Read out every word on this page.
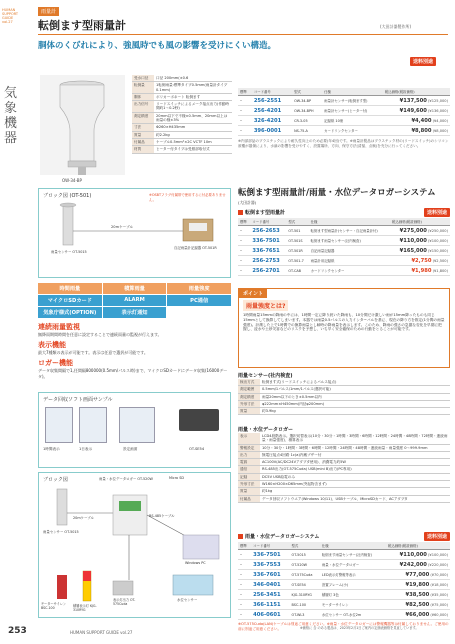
HUMAN SUPPORT GUIDE vol.27
気象機器
雨量計
転倒ます型雨量計	(大田計器製作所)
胴体のくびれにより、強風時でも風の影響を受けにくい構造。
送料別途
OW-34-BP
受水口径	口径 200mm(±0.6
転倒量	1転倒雨量:標準タイプ0.5mm(雨量計タイプ0.1mm)
胴体	ボリカーボネート 転倒ます
出力信号	リードスイッチによるメーク接点出力(作動時間約1〜0.2秒)
測定精度	20mm以下で不様±0.5mm、20mm以上は雨量の様±3%
寸法	Φ260×H435mm
質量	約2.2kg
付属品	ケーブル0.5mm²×2C VCTF 10m
材質	ヒーター付タイプは受照部取付式
標準	コード番号	型式	仕様	税込価格(税抜価格)
–	256-2551	OW-34-BP	雨量計センサー(転倒ます型)	¥137,500 (¥125,000)
–	256-4201	OW-34-BPH	雨量計センサー(ヒーター付)	¥149,600 (¥136,000)
–	326-4201	CR-3-05	記録紙 10冊	¥4,400 (¥4,000)
–	396-0001	NS-75-A	カードリンクセンター	¥8,800 (¥8,000)
※内部部品のプラスチックにより耐久性向上のため必要(年4回)です。※雨量計製品はプラスチック材の(リードスイッチ)のシリコン被覆が損傷により、水滴の影響を受けやすく、設置場所、方向、保守方法(清掃、点検)を充分に行ってください。
ブロック図 (OT-501)	※OSBTフラグ付属帯で使用するに付必要ありません。
20mケーブル
雨量センサー OT-5015
自記雨量計記録器 OT-501R
時間雨量	積算雨量	雨量強度
マイクロSDカード	ALARM	PC通信
気象庁様式(OPTION)	表示灯通知
連続雨量監視
無降雨期間時間を任意に設定することで連続雨量の監視が行えます。
表示機能
最大7種類の表示が可能です。表示は任意で選択が可能です。
ロガー機能
データ収集間隔で1,任間隔800000(0.5mm/パルス時)まで、マイクロSDカードにデータ収集(16000データ)。
データ回収ソフト画面サンプル
1時間表示	1日表示	設定画面	OT-SE54
ブロック図
雨量センサー OT-5015
雨量・水位データロガー OT-520W	Micro SD
20mケーブル	RS-485ケーブル
Windows PC
モーターサイレン BSC-100	積層表示灯 KJG-310RYG
表示灯出力 OT-575Cuda
水位センサー
転倒ます型雨量計/雨量・水位データロガーシステム
(大田計器)
転倒ます型雨量計	送料別途
標準	コード番号	型式	仕様	税込価格(税抜価格)
–	256-2653	OT-501	転倒ます型雨量計(センサー・自記雨量計付)	¥275,000 (¥250,000)
–	336-7501	OT-501S	転倒ます雨量センサー(社内検査)	¥110,000 (¥100,000)
–	336-7651	OT-501R	自記雨量記録器	¥165,000 (¥150,000)
–	256-2753	OT-501-7	雨量計用記録紙	¥2,750 (¥2,500)
–	256-2701	OT-CAB	カードリンクセンター	¥1,980 (¥1,800)
ポイント
雨量強度とは?
1時間雨量15mmの降雨の中には、1時間一定に降り続いた降雨も、10分間だけ激しい雨が15mm降ったものも同じ15mmとして換算してしまいます。本器では雨量0.5パルスの入力インターバルを基に、現在の降り方を推定(1分間の雨量強度)。計測した上で1時間での換算雨量とし瞬時の降雨量を表示します。このため、降雨の強さの急激な変化を早期に把握し、浸水や土砂災害などのリスクを予想し、いち早く安全確保のための行動をとることが可能です。
雨量センサー(社内検査)
検出方式	転倒ます式(リードスイッチによるパルス接点)
測定範囲	0.5mm/1パルス/1mm/1パルス(選択可能)
測定精度	雨量20mm以下のとき±0.5mm以内
外形寸法	φ222mm×H450mm(内径φ200mm)
質量	約3.9kg
雨量・水位データロガー
表示	LCD4段階表示。選択切替表示(10分・30分・1時間・3時間・6時間・12時間・24時間・48時間・72時間・連続雨量・雨量強度)、積算表示
警報設定	10分・30分・1時間・3時間・6時間・12時間・24時間・48時間・連続雨量・雨量強度 0〜999.9mm
出力	無電圧接点4回路 1c(a)内蔵ブザー付
電源	AC100V(AC/DC24Vアダプタ使用)、消費電力約5W
通信	RS-485出力(OT-575Cuda) USB(mini B)出力(PC専用)
記録	DC5V USB給電のみ
外形寸法	W160×H200×D65mm(突起物含まず)
質量	約1kg
付属品	データ回収ソフトウエア(Windows 10/11)、USBケーブル、MicroSDカード、ACアダプタ
雨量・水位データロガーシステム	送料別途
標準	コード番号	型式	仕様	税込価格(税抜価格)
–	336-7501	OT-5015	転倒ます雨量センサー(社内検査)	¥110,000 (¥100,000)
–	336-7553	OT-520W	雨量・水位データロガー	¥242,000 (¥220,000)
–	336-7601	OT-575Cuda	LED表示灯警報等表示	¥77,000 (¥70,000)
–	346-0401	OT-SE54	設置フレーム(小)	¥19,800 (¥18,000)
–	256-3451	KJG-310RYG	積層灯 3色	¥38,500 (¥35,000)
–	366-1151	BSC-100	モーターサイレン	¥82,500 (¥75,000)
–	406-0601	OT-WL3	水位センサー OT-水位2m	¥66,000 (¥60,000)
※OT-575Cuda(LAN)ケーブルは別途ご用意ください。※雨量・水位データロガーには警報機器等は付属しておりません。ご使用の前に別途ご用意ください。	※価格に 含 のある製品は、2023年2月1日ご案内の定価表価格を見直しています。
253	HUMAN SUPPORT GUIDE vol.27
